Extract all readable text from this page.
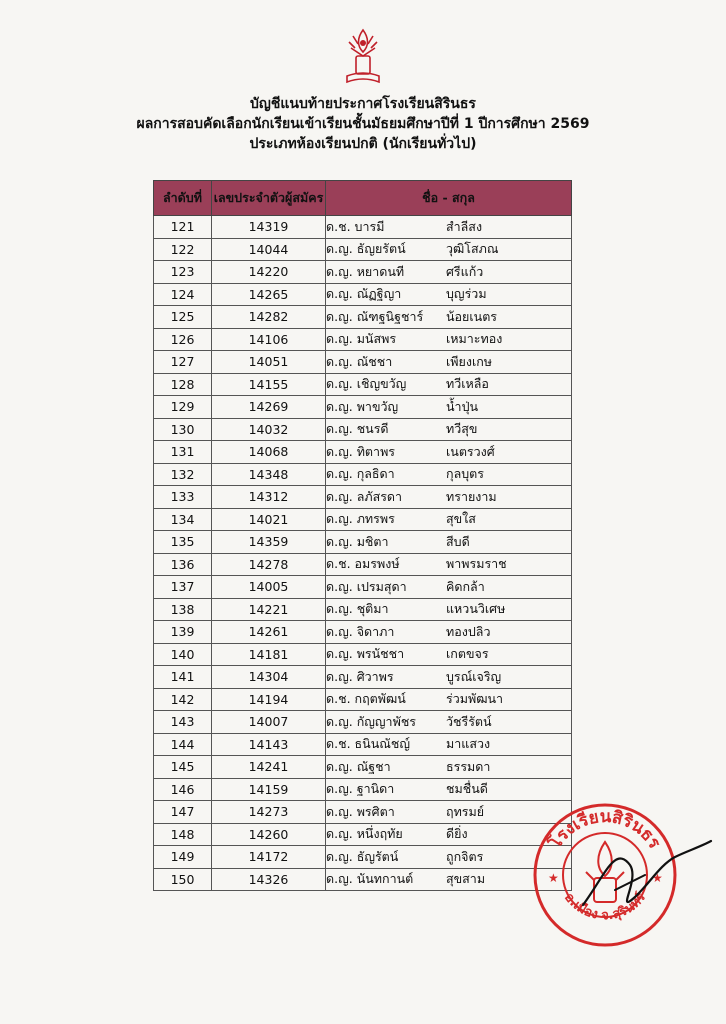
บัญชีแนบท้ายประกาศโรงเรียนสิรินธร
ผลการสอบคัดเลือกนักเรียนเข้าเรียนชั้นมัธยมศึกษาปีที่ 1 ปีการศึกษา 2569
ประเภทห้องเรียนปกติ (นักเรียนทั่วไป)
ลำดับที่	เลขประจำตัวผู้สมัคร	ชื่อ - สกุล
121	14319	ด.ช. บารมี สำลีสง
122	14044	ด.ญ. ธัญยรัตน์ วุฒิโสภณ
123	14220	ด.ญ. หยาดนที ศรีแก้ว
124	14265	ด.ญ. ณัฏฐิญา บุญร่วม
125	14282	ด.ญ. ณัฑฐนิฐชาร์ น้อยเนตร
126	14106	ด.ญ. มนัสพร เหมาะทอง
127	14051	ด.ญ. ณัชชา เพียงเกษ
128	14155	ด.ญ. เชิญขวัญ ทวีเหลือ
129	14269	ด.ญ. พาขวัญ น้ำปุ่น
130	14032	ด.ญ. ชนรดี ทวีสุข
131	14068	ด.ญ. ทิตาพร เนตรวงศ์
132	14348	ด.ญ. กุลธิดา กุลบุตร
133	14312	ด.ญ. ลภัสรดา ทรายงาม
134	14021	ด.ญ. ภทรพร สุขใส
135	14359	ด.ญ. มชิตา สีบดี
136	14278	ด.ช. อมรพงษ์ พาพรมราช
137	14005	ด.ญ. เปรมสุดา คิดกล้า
138	14221	ด.ญ. ชุติมา แหวนวิเศษ
139	14261	ด.ญ. จิดาภา ทองปลิว
140	14181	ด.ญ. พรนัชชา เกตขจร
141	14304	ด.ญ. ศิวาพร บูรณ์เจริญ
142	14194	ด.ช. กฤตพัฒน์ ร่วมพัฒนา
143	14007	ด.ญ. กัญญาพัชร วัชรีรัตน์
144	14143	ด.ช. ธนินณัชญ์ มาแสวง
145	14241	ด.ญ. ณัฐชา ธรรมดา
146	14159	ด.ญ. ฐานิดา ชมชื่นดี
147	14273	ด.ญ. พรศิตา ฤทรมย์
148	14260	ด.ญ. หนึ่งฤทัย ดียิ่ง
149	14172	ด.ญ. ธัญรัตน์ ถูกจิตร
150	14326	ด.ญ. นันทกานต์ สุขสาม
โรงเรียนสิรินธร
อ.เมือง จ.สุรินทร์
★	★
